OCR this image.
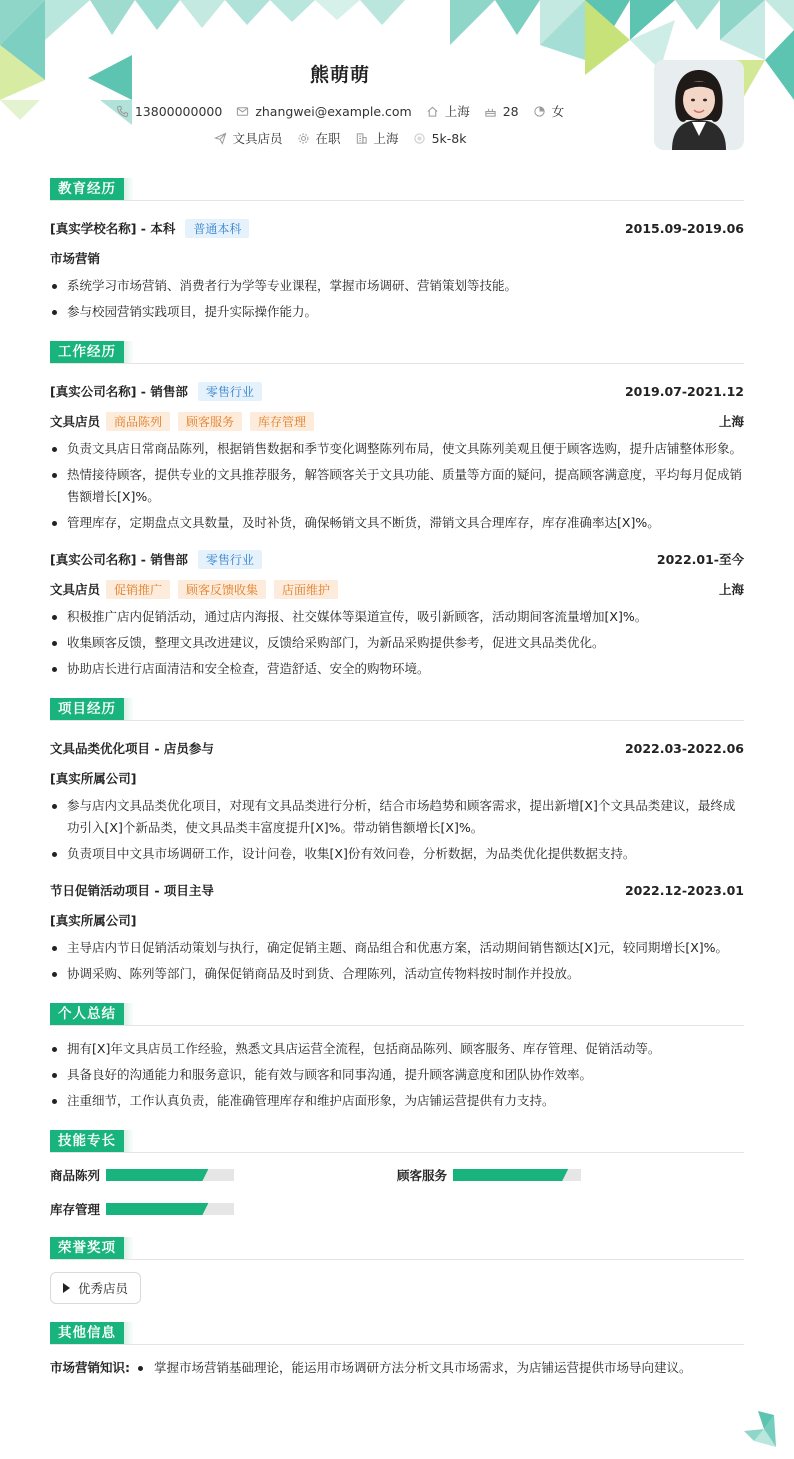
熊萌萌
13800000000	zhangwei@example.com	上海	28	女
文具店员	在职	上海	5k-8k
教育经历
[真实学校名称] - 本科	普通本科	2015.09-2019.06
市场营销
系统学习市场营销、消费者行为学等专业课程，掌握市场调研、营销策划等技能。
参与校园营销实践项目，提升实际操作能力。
工作经历
[真实公司名称] - 销售部	零售行业	2019.07-2021.12
文具店员	商品陈列	顾客服务	库存管理	上海
负责文具店日常商品陈列，根据销售数据和季节变化调整陈列布局，使文具陈列美观且便于顾客选购，提升店铺整体形象。
热情接待顾客，提供专业的文具推荐服务，解答顾客关于文具功能、质量等方面的疑问，提高顾客满意度，平均每月促成销售额增长[X]%。
管理库存，定期盘点文具数量，及时补货，确保畅销文具不断货，滞销文具合理库存，库存准确率达[X]%。
[真实公司名称] - 销售部	零售行业	2022.01-至今
文具店员	促销推广	顾客反馈收集	店面维护	上海
积极推广店内促销活动，通过店内海报、社交媒体等渠道宣传，吸引新顾客，活动期间客流量增加[X]%。
收集顾客反馈，整理文具改进建议，反馈给采购部门，为新品采购提供参考，促进文具品类优化。
协助店长进行店面清洁和安全检查，营造舒适、安全的购物环境。
项目经历
文具品类优化项目 - 店员参与	2022.03-2022.06
[真实所属公司]
参与店内文具品类优化项目，对现有文具品类进行分析，结合市场趋势和顾客需求，提出新增[X]个文具品类建议，最终成功引入[X]个新品类，使文具品类丰富度提升[X]%。带动销售额增长[X]%。
负责项目中文具市场调研工作，设计问卷，收集[X]份有效问卷，分析数据，为品类优化提供数据支持。
节日促销活动项目 - 项目主导	2022.12-2023.01
[真实所属公司]
主导店内节日促销活动策划与执行，确定促销主题、商品组合和优惠方案，活动期间销售额达[X]元，较同期增长[X]%。
协调采购、陈列等部门，确保促销商品及时到货、合理陈列，活动宣传物料按时制作并投放。
个人总结
拥有[X]年文具店员工作经验，熟悉文具店运营全流程，包括商品陈列、顾客服务、库存管理、促销活动等。
具备良好的沟通能力和服务意识，能有效与顾客和同事沟通，提升顾客满意度和团队协作效率。
注重细节，工作认真负责，能准确管理库存和维护店面形象，为店铺运营提供有力支持。
技能专长
商品陈列	顾客服务
库存管理
荣誉奖项
优秀店员
其他信息
市场营销知识:	掌握市场营销基础理论，能运用市场调研方法分析文具市场需求，为店铺运营提供市场导向建议。
